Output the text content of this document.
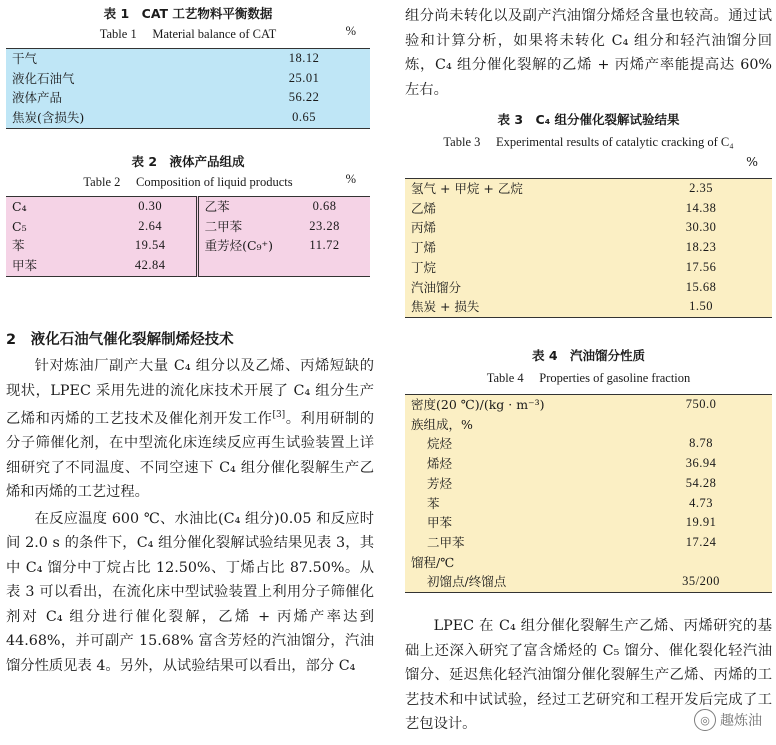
表 1　CAT 工艺物料平衡数据
Table 1　 Material balance of CAT	%
干气	18.12
液化石油气	25.01
液体产品	56.22
焦炭(含损失)	0.65
表 2　液体产品组成
Table 2　 Composition of liquid products	%
C₄	0.30	乙苯	0.68
C₅	2.64	二甲苯	23.28
苯	19.54	重芳烃(C₉⁺)	11.72
甲苯	42.84		
2　液化石油气催化裂解制烯烃技术

针对炼油厂副产大量 C₄ 组分以及乙烯、丙烯短缺的现状，LPEC 采用先进的流化床技术开展了 C₄ 组分生产乙烯和丙烯的工艺技术及催化剂开发工作[3]。利用研制的分子筛催化剂，在中型流化床连续反应再生试验装置上详细研究了不同温度、不同空速下 C₄ 组分催化裂解生产乙烯和丙烯的工艺过程。

在反应温度 600 ℃、水油比(C₄ 组分)0.05 和反应时间 2.0 s 的条件下，C₄ 组分催化裂解试验结果见表 3，其中 C₄ 馏分中丁烷占比 12.50%、丁烯占比 87.50%。从表 3 可以看出，在流化床中型试验装置上利用分子筛催化剂对 C₄ 组分进行催化裂解，乙烯 + 丙烯产率达到 44.68%，并可副产 15.68% 富含芳烃的汽油馏分，汽油馏分性质见表 4。另外，从试验结果可以看出，部分 C₄

组分尚未转化以及副产汽油馏分烯烃含量也较高。通过试验和计算分析，如果将未转化 C₄ 组分和轻汽油馏分回炼，C₄ 组分催化裂解的乙烯 + 丙烯产率能提高达 60% 左右。

表 3　C₄ 组分催化裂解试验结果
Table 3　 Experimental results of catalytic cracking of C₄
%
氢气 + 甲烷 + 乙烷	2.35
乙烯	14.38
丙烯	30.30
丁烯	18.23
丁烷	17.56
汽油馏分	15.68
焦炭 + 损失	1.50
表 4　汽油馏分性质
Table 4　 Properties of gasoline fraction
密度(20 ℃)/(kg · m⁻³)	750.0
族组成，%	
烷烃	8.78
烯烃	36.94
芳烃	54.28
苯	4.73
甲苯	19.91
二甲苯	17.24
馏程/℃	
初馏点/终馏点	35/200

LPEC 在 C₄ 组分催化裂解生产乙烯、丙烯研究的基础上还深入研究了富含烯烃的 C₅ 馏分、催化裂化轻汽油馏分、延迟焦化轻汽油馏分催化裂解生产乙烯、丙烯的工艺技术和中试试验，经过工艺研究和工程开发后完成了工艺包设计。	◎ 趣炼油
